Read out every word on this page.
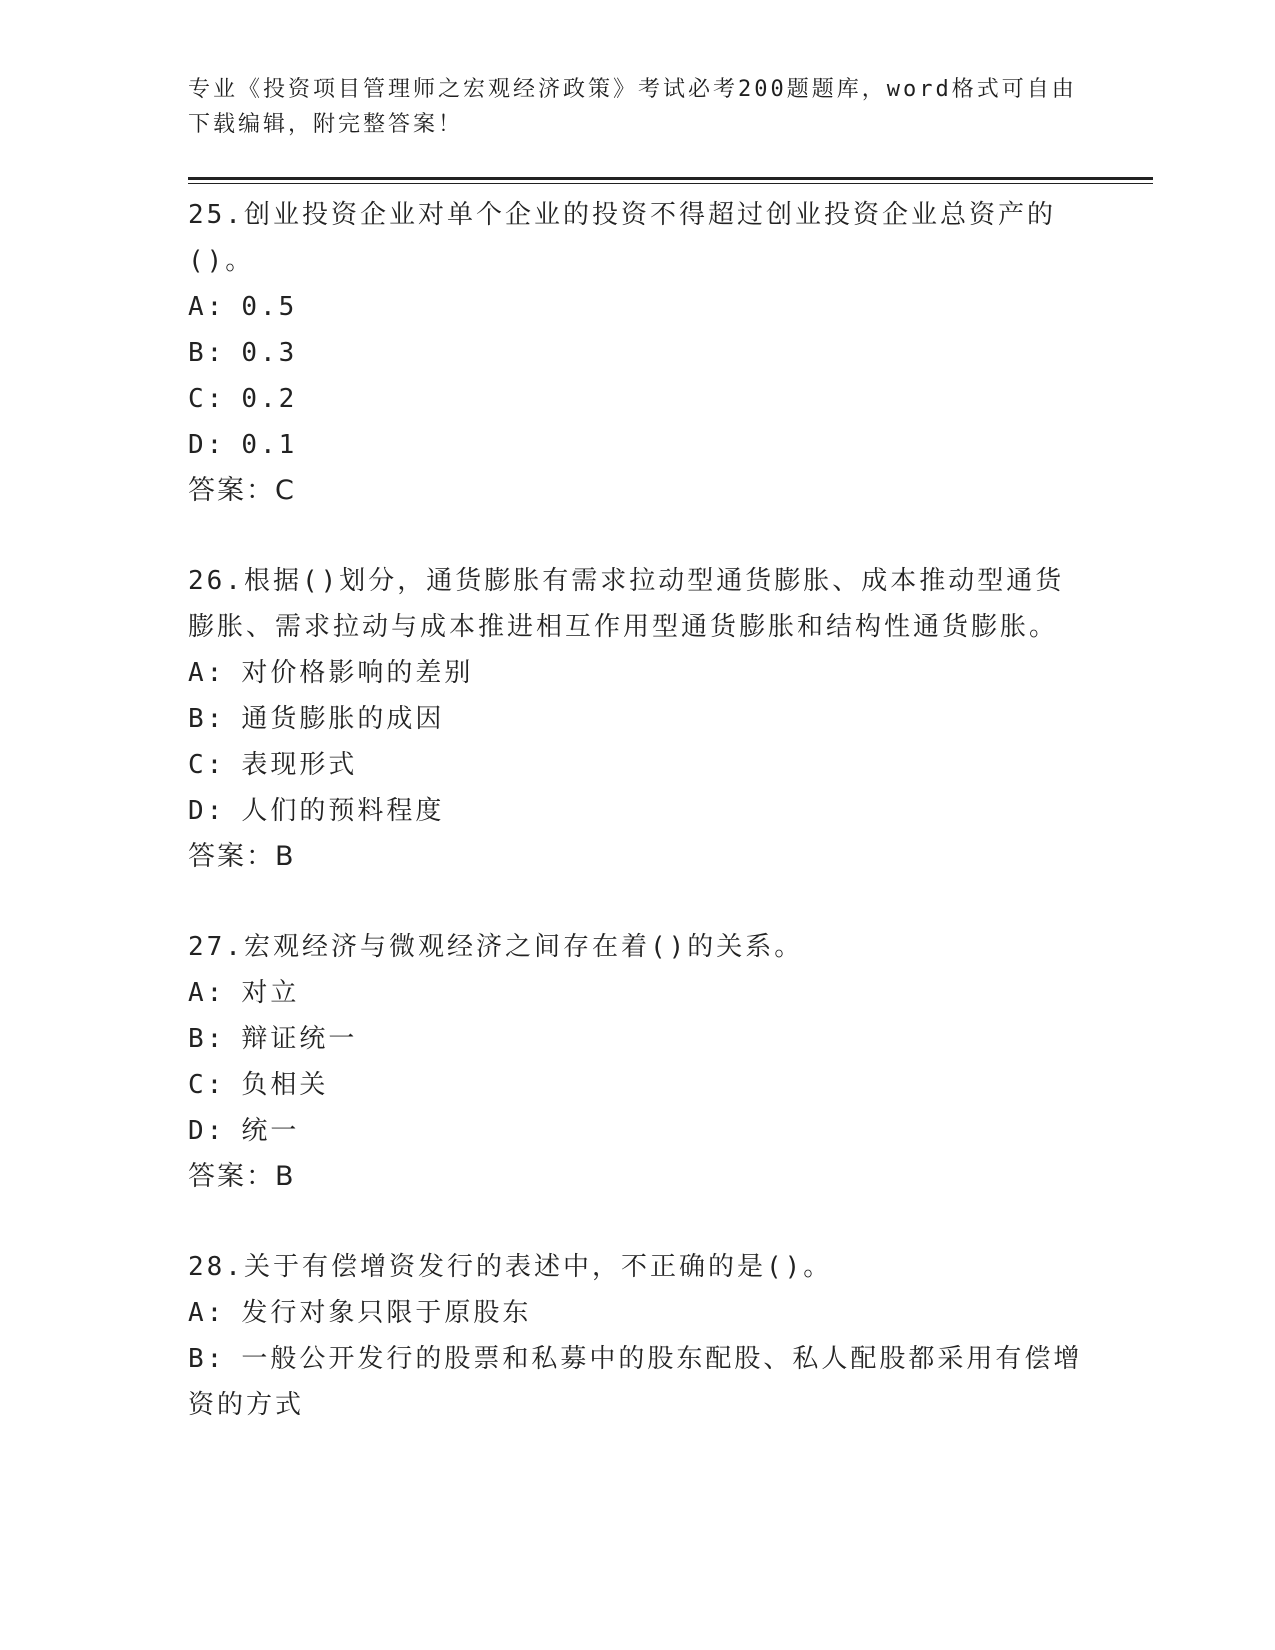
专业《投资项目管理师之宏观经济政策》考试必考200题题库，word格式可自由下载编辑，附完整答案！

25.创业投资企业对单个企业的投资不得超过创业投资企业总资产的()。

A: 0.5

B: 0.3

C: 0.2

D: 0.1

答案：C

26.根据()划分，通货膨胀有需求拉动型通货膨胀、成本推动型通货膨胀、需求拉动与成本推进相互作用型通货膨胀和结构性通货膨胀。

A: 对价格影响的差别

B: 通货膨胀的成因

C: 表现形式

D: 人们的预料程度

答案：B

27.宏观经济与微观经济之间存在着()的关系。

A: 对立

B: 辩证统一

C: 负相关

D: 统一

答案：B

28.关于有偿增资发行的表述中，不正确的是()。

A: 发行对象只限于原股东

B: 一般公开发行的股票和私募中的股东配股、私人配股都采用有偿增资的方式
